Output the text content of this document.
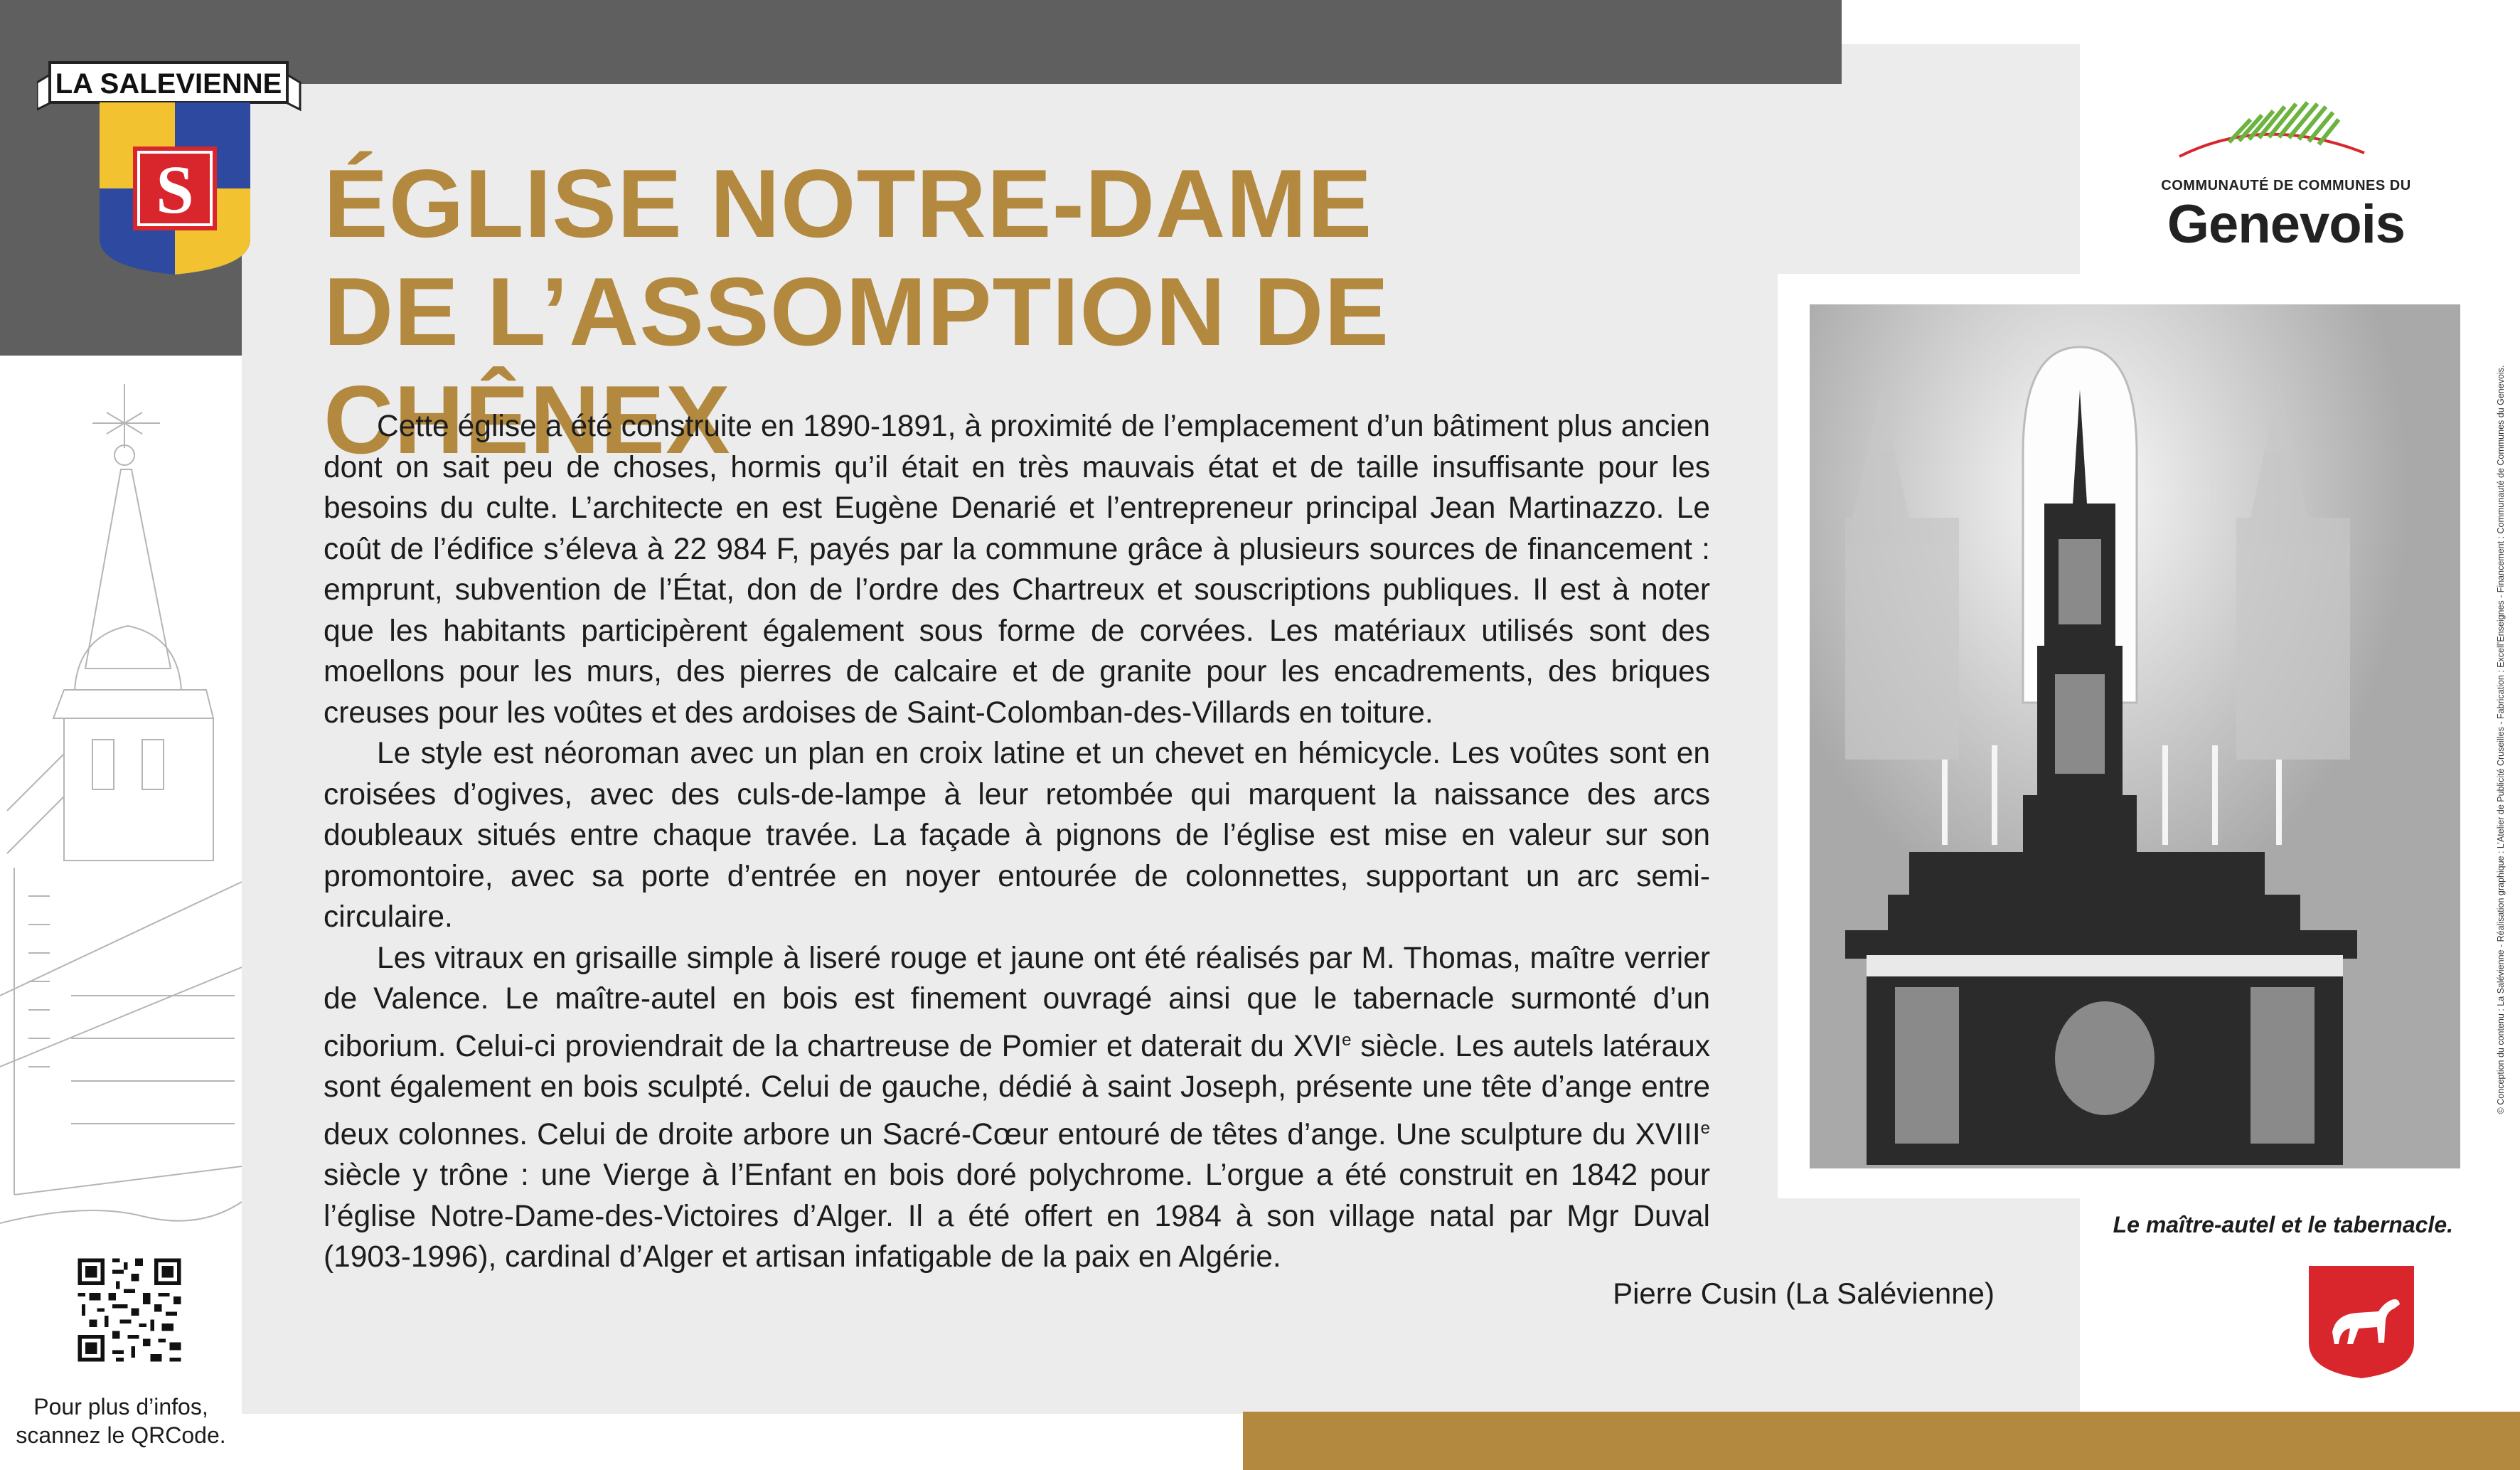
LA SALEVIENNE
S ÉGLISE NOTRE-DAME
DE L’ASSOMPTION DE CHÊNEX

Cette église a été construite en 1890-1891, à proximité de l’emplacement d’un bâtiment plus ancien dont on sait peu de choses, hormis qu’il était en très mauvais état et de taille insuffisante pour les besoins du culte. L’architecte en est Eugène Denarié et l’entrepreneur principal Jean Martinazzo. Le coût de l’édifice s’éleva à 22 984 F, payés par la commune grâce à plusieurs sources de financement : emprunt, subvention de l’État, don de l’ordre des Chartreux et souscriptions publiques. Il est à noter que les habitants participèrent également sous forme de corvées. Les matériaux utilisés sont des moellons pour les murs, des pierres de calcaire et de granite pour les encadrements, des briques creuses pour les voûtes et des ardoises de Saint-Colomban-des-Villards en toiture.

Le style est néoroman avec un plan en croix latine et un chevet en hémicycle. Les voûtes sont en croisées d’ogives, avec des culs-de-lampe à leur retombée qui marquent la naissance des arcs doubleaux situés entre chaque travée. La façade à pignons de l’église est mise en valeur sur son promontoire, avec sa porte d’entrée en noyer entourée de colonnettes, supportant un arc semi-circulaire.

Les vitraux en grisaille simple à liseré rouge et jaune ont été réalisés par M. Thomas, maître verrier de Valence. Le maître-autel en bois est finement ouvragé ainsi que le tabernacle surmonté d’un ciborium. Celui-ci proviendrait de la chartreuse de Pomier et daterait du XVIe siècle. Les autels latéraux sont également en bois sculpté. Celui de gauche, dédié à saint Joseph, présente une tête d’ange entre deux colonnes. Celui de droite arbore un Sacré-Cœur entouré de têtes d’ange. Une sculpture du XVIIIe siècle y trône : une Vierge à l’Enfant en bois doré polychrome. L’orgue a été construit en 1842 pour l’église Notre-Dame-des-Victoires d’Alger. Il a été offert en 1984 à son village natal par Mgr Duval (1903-1996), cardinal d’Alger et artisan infatigable de la paix en Algérie.

Pierre Cusin (La Salévienne)
Pour plus d’infos,
scannez le QRCode.
COMMUNAUTÉ DE COMMUNES DU
Genevois
Le maître-autel et le tabernacle.
© Conception du contenu : La Salévienne - Réalisation graphique : L’Atelier de Publicité Cruseilles - Fabrication : Excell’Enseignes - Financement : Communauté de Communes du Genevois.
